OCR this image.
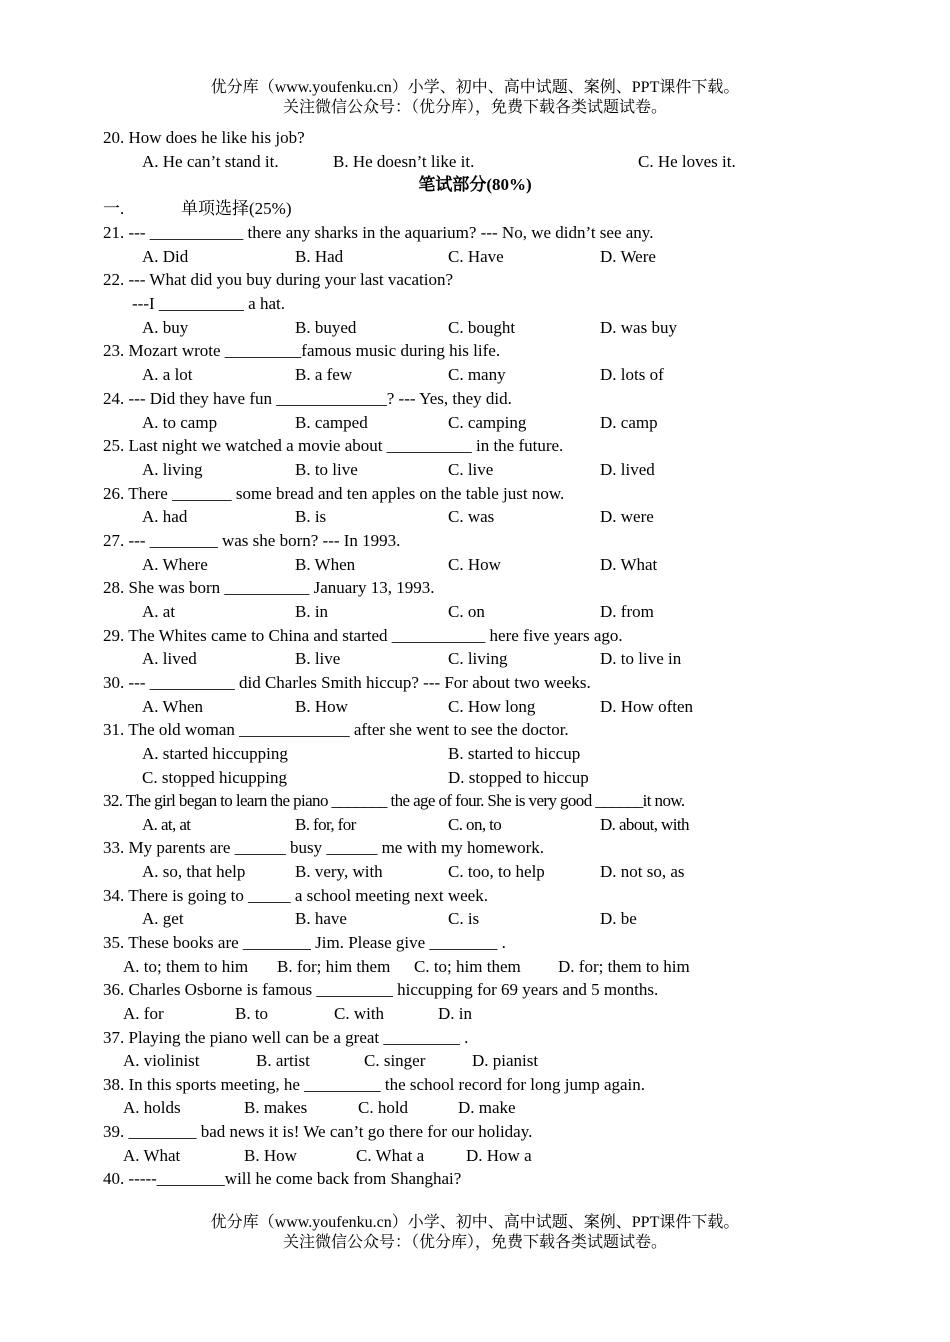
优分库（www.youfenku.cn）小学、初中、高中试题、案例、PPT课件下载。
关注微信公众号：（优分库），免费下载各类试题试卷。
20. How does he like his job?
A. He can’t stand it.	B. He doesn’t like it.	C. He loves it.
笔试部分(80%)
一.	单项选择(25%)
21. --- ___________ there any sharks in the aquarium? --- No, we didn’t see any.
A. Did	B. Had	C. Have	D. Were
22. --- What did you buy during your last vacation?
---I __________ a hat.
A. buy	B. buyed	C. bought	D. was buy
23. Mozart wrote _________famous music during his life.
A. a lot	B. a few	C. many	D. lots of
24. --- Did they have fun _____________? --- Yes, they did.
A. to camp	B. camped	C. camping	D. camp
25. Last night we watched a movie about __________ in the future.
A. living	B. to live	C. live	D. lived
26. There _______ some bread and ten apples on the table just now.
A. had	B. is	C. was	D. were
27. --- ________ was she born? --- In 1993.
A. Where	B. When	C. How	D. What
28. She was born __________ January 13, 1993.
A. at	B. in	C. on	D. from
29. The Whites came to China and started ___________ here five years ago.
A. lived	B. live	C. living	D. to live in
30. --- __________ did Charles Smith hiccup? --- For about two weeks.
A. When	B. How	C. How long	D. How often
31. The old woman _____________ after she went to see the doctor.
A. started hiccupping	B. started to hiccup
C. stopped hicupping	D. stopped to hiccup
32. The girl began to learn the piano _______ the age of four. She is very good ______it now.
A. at, at	B. for, for	C. on, to	D. about, with
33. My parents are ______ busy ______ me with my homework.
A. so, that help	B. very, with	C. too, to help	D. not so, as
34. There is going to _____ a school meeting next week.
A. get	B. have	C. is	D. be
35. These books are ________ Jim. Please give ________ .
A. to; them to him B. for; him them C. to; him them D. for; them to him
36. Charles Osborne is famous _________ hiccupping for 69 years and 5 months.
A. for	B. to	C. with	D. in
37. Playing the piano well can be a great _________ .
A. violinist	B. artist	C. singer	D. pianist
38. In this sports meeting, he _________ the school record for long jump again.
A. holds	B. makes	C. hold	D. make
39. ________ bad news it is! We can’t go there for our holiday.
A. What	B. How	C. What a D. How a
40. -----________will he come back from Shanghai?
优分库（www.youfenku.cn）小学、初中、高中试题、案例、PPT课件下载。
关注微信公众号：（优分库），免费下载各类试题试卷。
